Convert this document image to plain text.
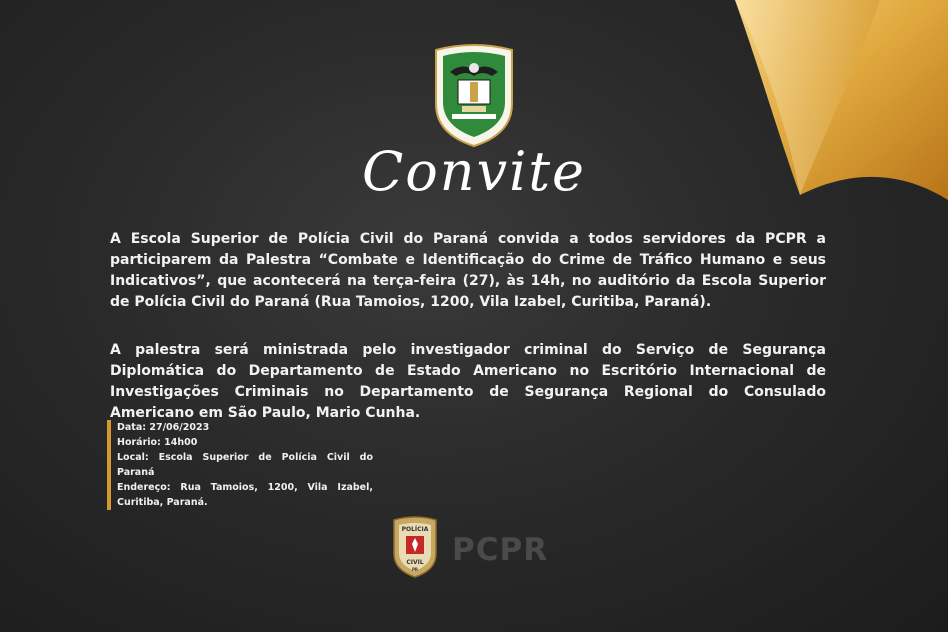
Convite

A Escola Superior de Polícia Civil do Paraná convida a todos servidores da PCPR a participarem da Palestra “Combate e Identificação do Crime de Tráfico Humano e seus Indicativos”, que acontecerá na terça-feira (27), às 14h, no auditório da Escola Superior de Polícia Civil do Paraná (Rua Tamoios, 1200, Vila Izabel, Curitiba, Paraná).

A palestra será ministrada pelo investigador criminal do Serviço de Segurança Diplomática do Departamento de Estado Americano no Escritório Internacional de Investigações Criminais no Departamento de Segurança Regional do Consulado Americano em São Paulo, Mario Cunha.

Data: 27/06/2023
Horário: 14h00
Local: Escola Superior de Polícia Civil do Paraná
Endereço: Rua Tamoios, 1200, Vila Izabel, Curitiba, Paraná.
POLÍCIA
CIVIL
PR
PCPR
